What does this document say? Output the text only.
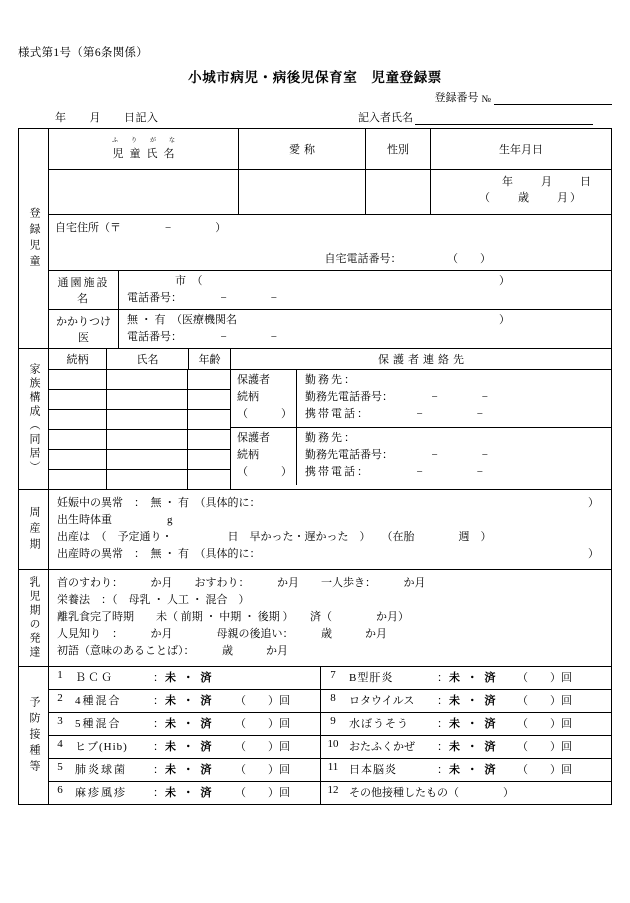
様式第1号（第6条関係）
小城市病児・病後児保育室　児童登録票
登録番号 №
年　　月　　日記入	記入者氏名
登録児童
ふりがな
児童氏名	愛称	性別	生年月日
年　　月　　日
（　　歳　　月）
自宅住所（〒　　　　−　　　　）
自宅電話番号：	（　　）
通園施設名
市　（	）
電話番号：　　　　−　　　　−
かかりつけ医
無 ・ 有　（医療機関名	）
電話番号：　　　　−　　　　−
家族構成（同居）
続柄	氏名	年齢	保護者連絡先
保護者
続柄
（　　　）
勤務先：
勤務先電話番号：　　　　−　　　　−
携帯電話：　　　　−　　　　−
保護者
続柄
（　　　）
勤務先：
勤務先電話番号：　　　　−　　　　−
携帯電話：　　　　−　　　　−
周産期
妊娠中の異常　：　無 ・ 有　（具体的に：	）
出生時体重　　　　　g
出産は　（　予定通り・　　　　　日　早かった・遅かった　）　　（在胎　　　　週　）
出産時の異常　：　無 ・ 有　（具体的に：	）
乳児期の発達 首のすわり：　　　か月　　おすわり：　　　か月　　一人歩き：　　　か月
栄養法　：（　母乳 ・ 人工 ・ 混合　）
離乳食完了時期　　未（ 前期 ・ 中期 ・ 後期 ）　　済（　　　　か月）
人見知り　：　　　か月　　　　母親の後追い：　　　歳　　　か月
初語（意味のあることば）：　　　歳　　　か月
予防接種等
1	ＢＣＧ	： 未 ・ 済
2	4種混合	： 未 ・ 済	（　　）回
3	5種混合	： 未 ・ 済	（　　）回
4	ヒブ(Hib)	： 未 ・ 済	（　　）回
5	肺炎球菌	： 未 ・ 済	（　　）回
6	麻疹風疹	： 未 ・ 済	（　　）回
7	B型肝炎	： 未 ・ 済	（　　）回
8	ロタウイルス	： 未 ・ 済	（　　）回
9	水ぼうそう	： 未 ・ 済	（　　）回
10 おたふくかぜ	： 未 ・ 済	（　　）回
11 日本脳炎	： 未 ・ 済	（　　）回
12 その他接種したもの（	）
